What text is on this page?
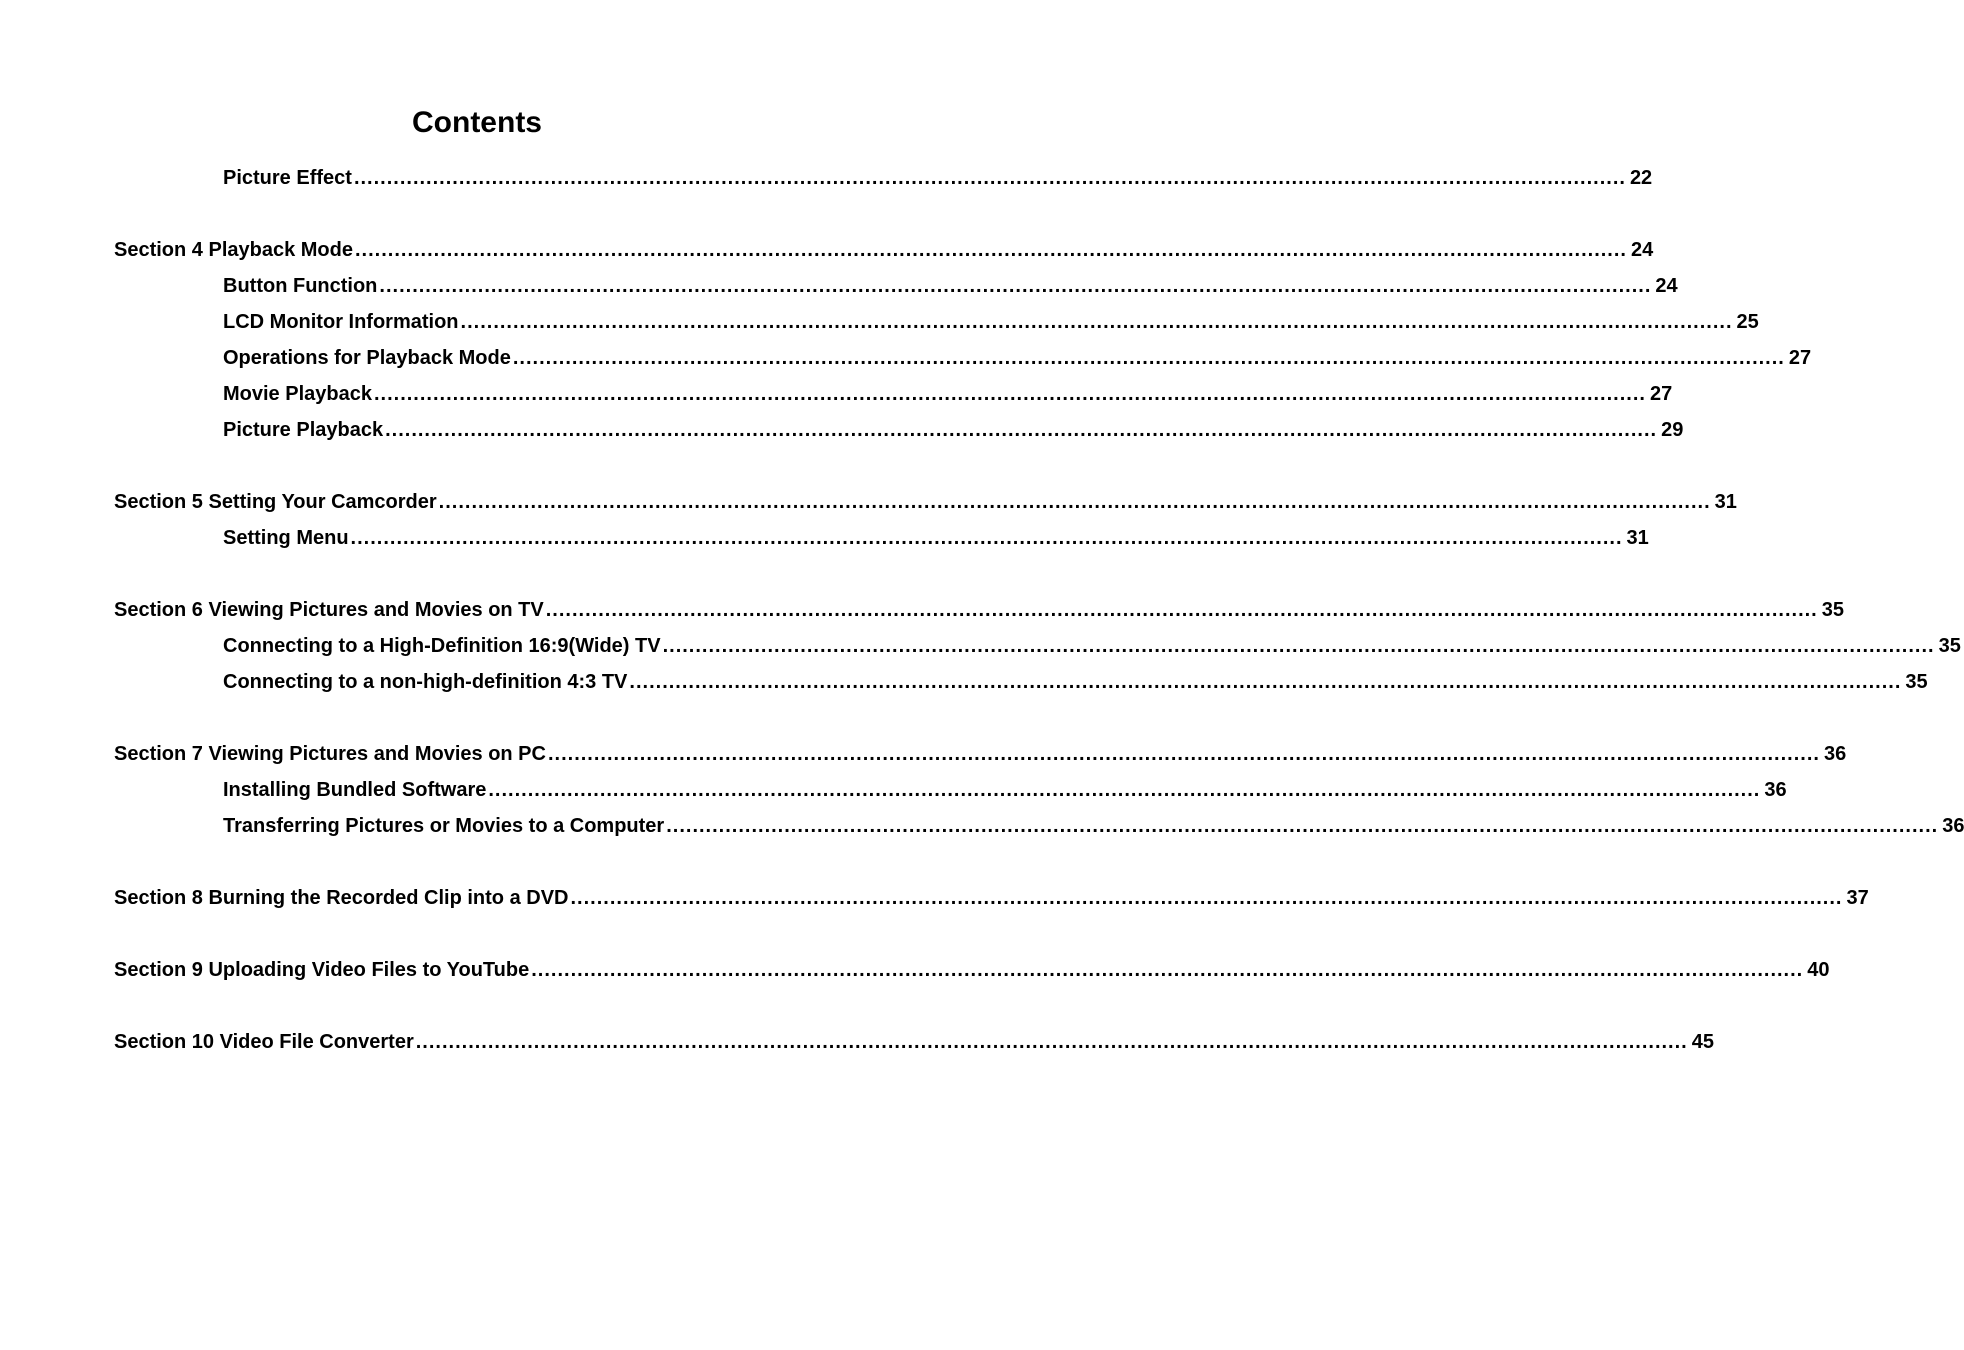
Contents
Picture Effect .................................................................................................................................................................................................. 22
Section 4 Playback Mode .................................................................................................................................................................................................. 24
Button Function .................................................................................................................................................................................................. 24
LCD Monitor Information .................................................................................................................................................................................................. 25
Operations for Playback Mode .................................................................................................................................................................................................. 27
Movie Playback .................................................................................................................................................................................................. 27
Picture Playback .................................................................................................................................................................................................. 29
Section 5 Setting Your Camcorder .................................................................................................................................................................................................. 31
Setting Menu .................................................................................................................................................................................................. 31
Section 6 Viewing Pictures and Movies on TV .................................................................................................................................................................................................. 35
Connecting to a High-Definition 16:9(Wide) TV .................................................................................................................................................................................................. 35
Connecting to a non-high-definition 4:3 TV .................................................................................................................................................................................................. 35
Section 7 Viewing Pictures and Movies on PC .................................................................................................................................................................................................. 36
Installing Bundled Software .................................................................................................................................................................................................. 36
Transferring Pictures or Movies to a Computer .................................................................................................................................................................................................. 36
Section 8 Burning the Recorded Clip into a DVD .................................................................................................................................................................................................. 37
Section 9 Uploading Video Files to YouTube .................................................................................................................................................................................................. 40
Section 10 Video File Converter .................................................................................................................................................................................................. 45
